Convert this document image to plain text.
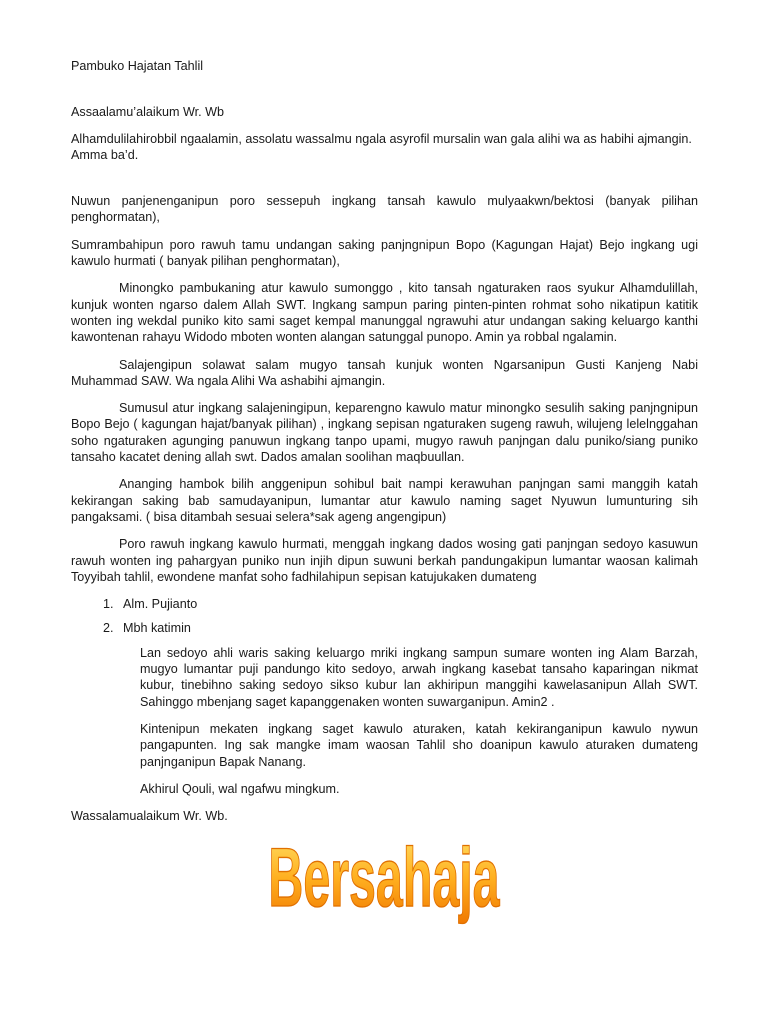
Pambuko Hajatan Tahlil
Assaalamu’alaikum Wr. Wb
Alhamdulilahirobbil ngaalamin, assolatu wassalmu ngala asyrofil mursalin wan gala alihi wa as habihi ajmangin. Amma ba’d.

Nuwun panjenenganipun poro sessepuh ingkang tansah kawulo mulyaakwn/bektosi (banyak pilihan penghormatan),

Sumrambahipun poro rawuh tamu undangan saking panjngnipun Bopo (Kagungan Hajat) Bejo ingkang ugi kawulo hurmati ( banyak pilihan penghormatan),

Minongko pambukaning atur kawulo sumonggo , kito tansah ngaturaken raos syukur Alhamdulillah, kunjuk wonten ngarso dalem Allah SWT. Ingkang sampun paring pinten-pinten rohmat soho nikatipun katitik wonten ing wekdal puniko kito sami saget kempal manunggal ngrawuhi atur undangan saking keluargo kanthi kawontenan rahayu Widodo mboten wonten alangan satunggal punopo. Amin ya robbal ngalamin.

Salajengipun solawat salam mugyo tansah kunjuk wonten Ngarsanipun Gusti Kanjeng Nabi Muhammad SAW. Wa ngala Alihi Wa ashabihi ajmangin.

Sumusul atur ingkang salajeningipun, keparengno kawulo matur minongko sesulih saking panjngnipun Bopo Bejo ( kagungan hajat/banyak pilihan) , ingkang sepisan ngaturaken sugeng rawuh, wilujeng lelelnggahan soho ngaturaken agunging panuwun ingkang tanpo upami, mugyo rawuh panjngan dalu puniko/siang puniko tansaho kacatet dening allah swt. Dados amalan soolihan maqbuullan.

Ananging hambok bilih anggenipun sohibul bait nampi kerawuhan panjngan sami manggih katah kekirangan saking bab samudayanipun, lumantar atur kawulo naming saget Nyuwun lumunturing sih pangaksami. ( bisa ditambah sesuai selera*sak ageng angengipun)

Poro rawuh ingkang kawulo hurmati, menggah ingkang dados wosing gati panjngan sedoyo kasuwun rawuh wonten ing pahargyan puniko nun injih dipun suwuni berkah pandungakipun lumantar waosan kalimah Toyyibah tahlil, ewondene manfat soho fadhilahipun sepisan katujukaken dumateng

1. Alm. Pujianto
2. Mbh katimin

Lan sedoyo ahli waris saking keluargo mriki ingkang sampun sumare wonten ing Alam Barzah, mugyo lumantar puji pandungo kito sedoyo, arwah ingkang kasebat tansaho kaparingan nikmat kubur, tinebihno saking sedoyo sikso kubur lan akhiripun manggihi kawelasanipun Allah SWT. Sahinggo mbenjang saget kapanggenaken wonten suwarganipun. Amin2 .

Kintenipun mekaten ingkang saget kawulo aturaken, katah kekiranganipun kawulo nywun pangapunten. Ing sak mangke imam waosan Tahlil sho doanipun kawulo aturaken dumateng panjnganipun Bapak Nanang.

Akhirul Qouli, wal ngafwu mingkum.

Wassalamualaikum Wr. Wb.
Bersahaja
